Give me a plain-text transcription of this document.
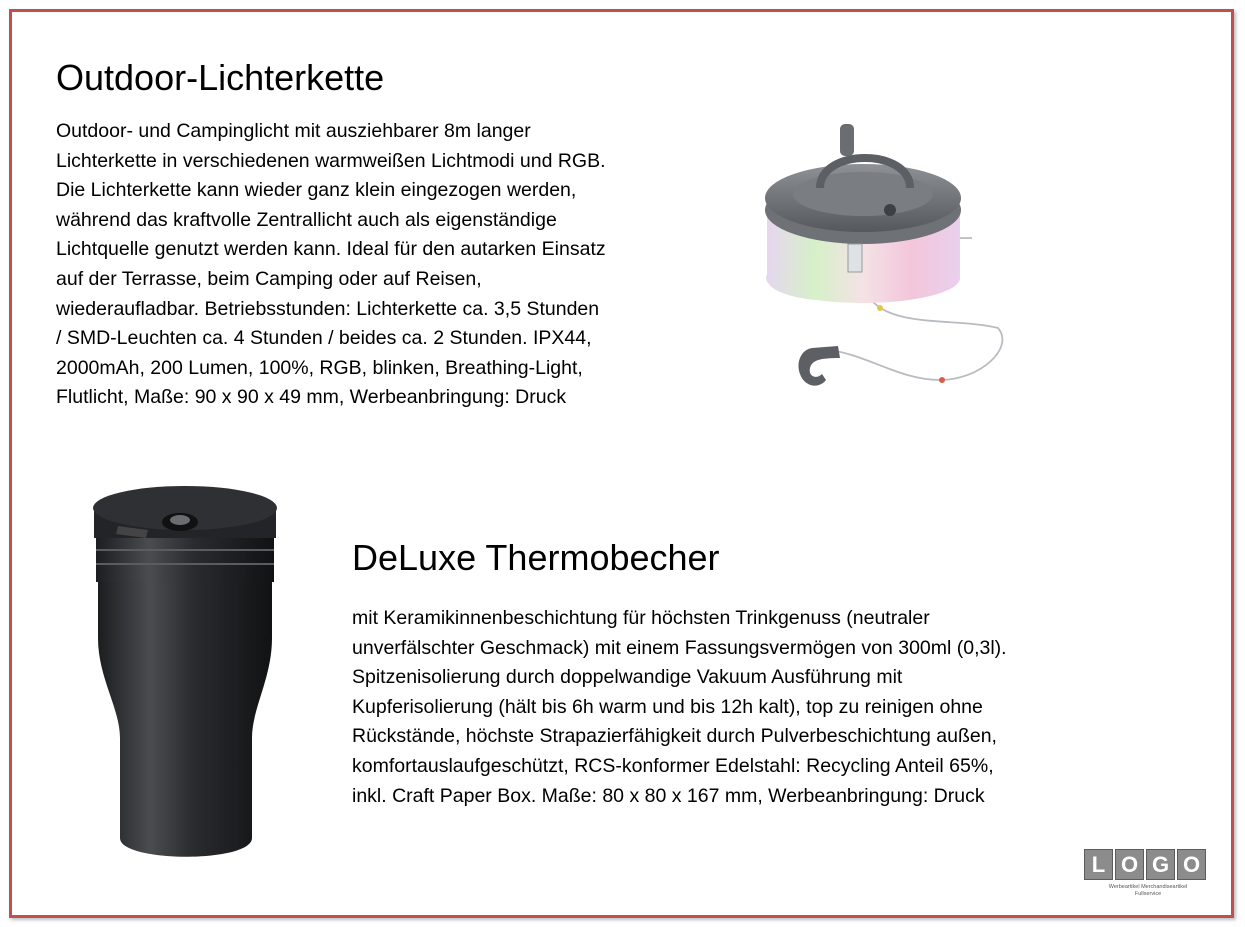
Outdoor-Lichterkette
Outdoor- und Campinglicht mit ausziehbarer 8m langer
Lichterkette in verschiedenen warmweißen Lichtmodi und RGB.
Die Lichterkette kann wieder ganz klein eingezogen werden,
während das kraftvolle Zentrallicht auch als eigenständige
Lichtquelle genutzt werden kann. Ideal für den autarken Einsatz
auf der Terrasse, beim Camping oder auf Reisen,
wiederaufladbar. Betriebsstunden: Lichterkette ca. 3,5 Stunden
/ SMD-Leuchten ca. 4 Stunden / beides ca. 2 Stunden. IPX44,
2000mAh, 200 Lumen, 100%, RGB, blinken, Breathing-Light,
Flutlicht, Maße: 90 x 90 x 49 mm, Werbeanbringung: Druck
DeLuxe Thermobecher
mit Keramikinnenbeschichtung für höchsten Trinkgenuss (neutraler
unverfälschter Geschmack) mit einem Fassungsvermögen von 300ml (0,3l).
Spitzenisolierung durch doppelwandige Vakuum Ausführung mit
Kupferisolierung (hält bis 6h warm und bis 12h kalt), top zu reinigen ohne
Rückstände, höchste Strapazierfähigkeit durch Pulverbeschichtung außen,
komfortauslaufgeschützt, RCS-konformer Edelstahl: Recycling Anteil 65%,
inkl. Craft Paper Box. Maße: 80 x 80 x 167 mm, Werbeanbringung: Druck
L O G O
Werbeartikel Merchandiseartikel
Fullservice
